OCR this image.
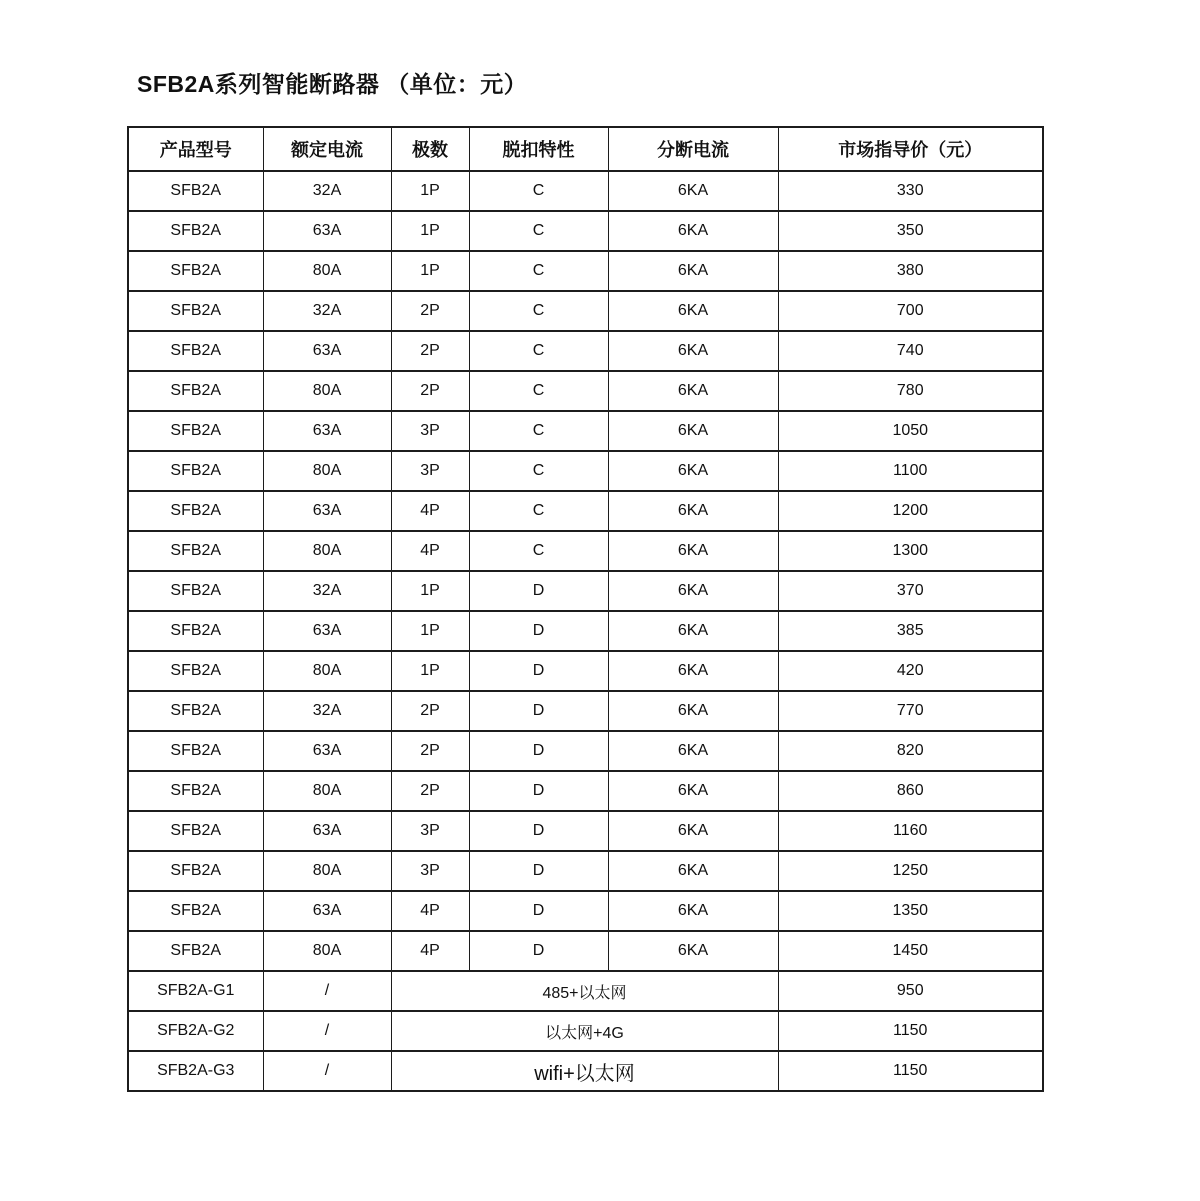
SFB2A系列智能断路器 （单位：元）
产品型号	额定电流	极数	脱扣特性	分断电流	市场指导价（元）
SFB2A	32A	1P	C	6KA	330
SFB2A	63A	1P	C	6KA	350
SFB2A	80A	1P	C	6KA	380
SFB2A	32A	2P	C	6KA	700
SFB2A	63A	2P	C	6KA	740
SFB2A	80A	2P	C	6KA	780
SFB2A	63A	3P	C	6KA	1050
SFB2A	80A	3P	C	6KA	1100
SFB2A	63A	4P	C	6KA	1200
SFB2A	80A	4P	C	6KA	1300
SFB2A	32A	1P	D	6KA	370
SFB2A	63A	1P	D	6KA	385
SFB2A	80A	1P	D	6KA	420
SFB2A	32A	2P	D	6KA	770
SFB2A	63A	2P	D	6KA	820
SFB2A	80A	2P	D	6KA	860
SFB2A	63A	3P	D	6KA	1160
SFB2A	80A	3P	D	6KA	1250
SFB2A	63A	4P	D	6KA	1350
SFB2A	80A	4P	D	6KA	1450
SFB2A-G1	/	485+以太网			950
SFB2A-G2	/	以太网+4G			1150
SFB2A-G3	/	wifi+以太网			1150
